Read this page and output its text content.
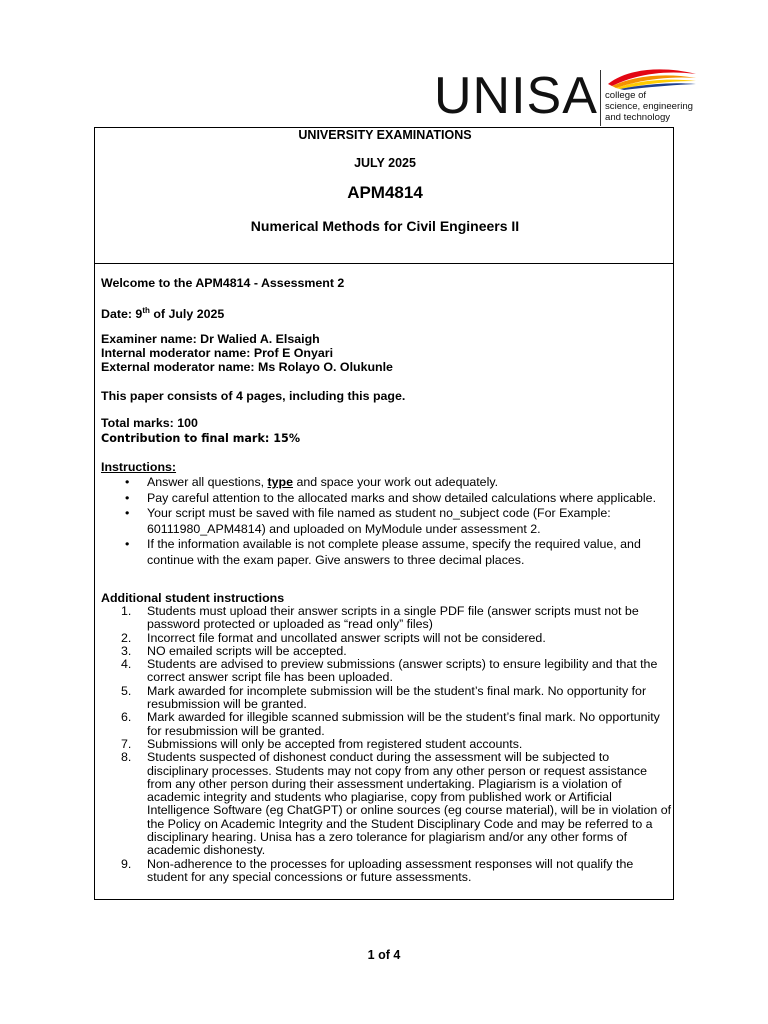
UNISA college of
science, engineering
and technology
UNIVERSITY EXAMINATIONS
JULY 2025
APM4814
Numerical Methods for Civil Engineers II
Welcome to the APM4814 - Assessment 2
Date: 9th of July 2025
Examiner name: Dr Walied A. Elsaigh
Internal moderator name: Prof E Onyari
External moderator name: Ms Rolayo O. Olukunle
This paper consists of 4 pages, including this page.
Total marks: 100
Contribution to final mark: 15%
Instructions:
• Answer all questions, type and space your work out adequately.
• Pay careful attention to the allocated marks and show detailed calculations where applicable.
• Your script must be saved with file named as student no_subject code (For Example: 60111980_APM4814) and uploaded on MyModule under assessment 2.
• If the information available is not complete please assume, specify the required value, and continue with the exam paper. Give answers to three decimal places.
Additional student instructions
1. Students must upload their answer scripts in a single PDF file (answer scripts must not be password protected or uploaded as “read only” files)
2. Incorrect file format and uncollated answer scripts will not be considered.
3. NO emailed scripts will be accepted.
4. Students are advised to preview submissions (answer scripts) to ensure legibility and that the correct answer script file has been uploaded.
5. Mark awarded for incomplete submission will be the student’s final mark. No opportunity for resubmission will be granted.
6. Mark awarded for illegible scanned submission will be the student’s final mark. No opportunity for resubmission will be granted.
7. Submissions will only be accepted from registered student accounts.
8. Students suspected of dishonest conduct during the assessment will be subjected to disciplinary processes. Students may not copy from any other person or request assistance from any other person during their assessment undertaking. Plagiarism is a violation of academic integrity and students who plagiarise, copy from published work or Artificial Intelligence Software (eg ChatGPT) or online sources (eg course material), will be in violation of the Policy on Academic Integrity and the Student Disciplinary Code and may be referred to a disciplinary hearing. Unisa has a zero tolerance for plagiarism and/or any other forms of academic dishonesty.
9. Non-adherence to the processes for uploading assessment responses will not qualify the student for any special concessions or future assessments.
1 of 4
